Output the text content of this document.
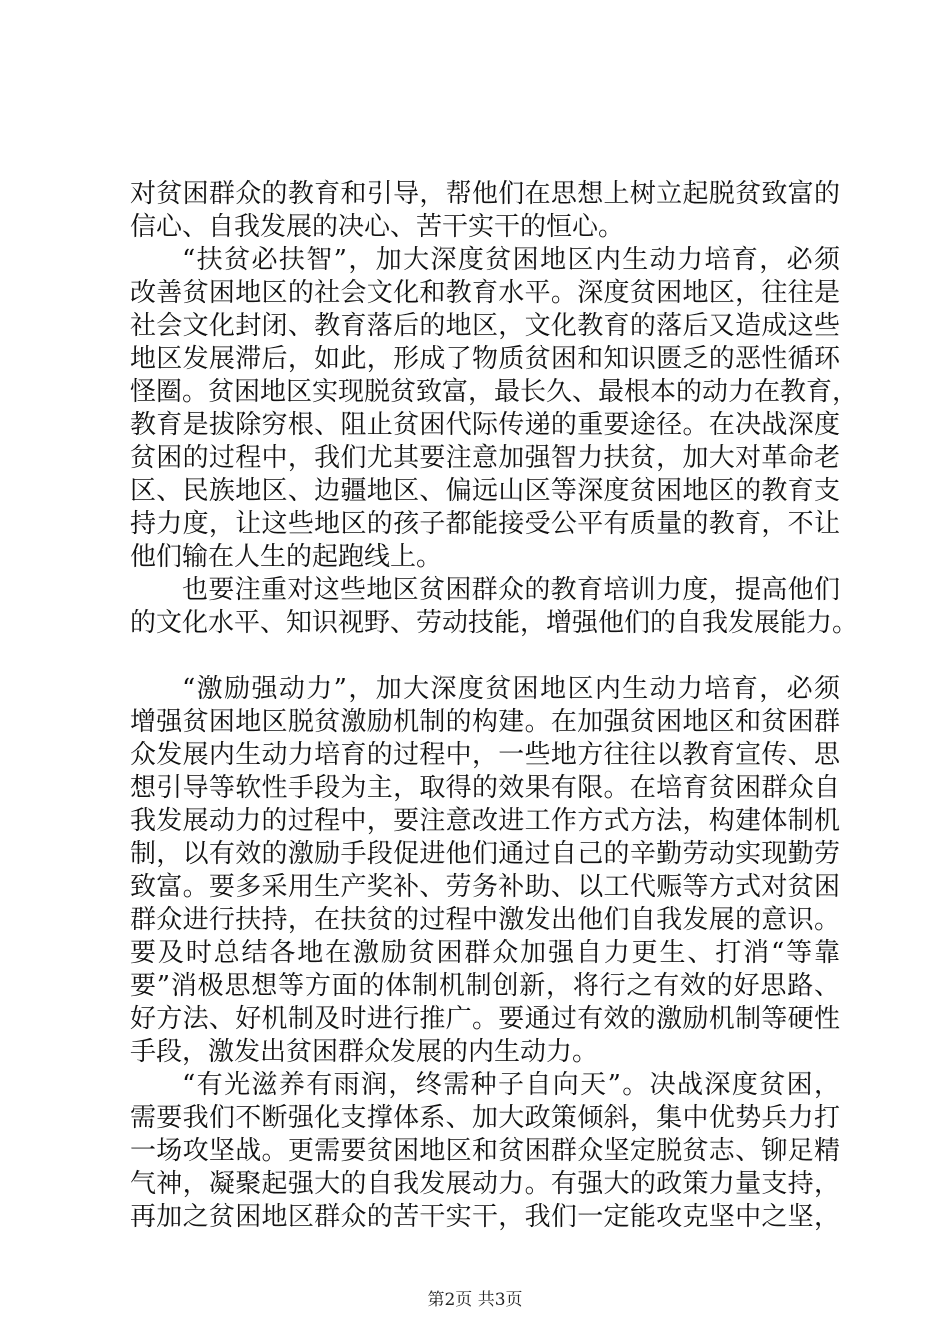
对贫困群众的教育和引导，帮他们在思想上树立起脱贫致富的
信心、自我发展的决心、苦干实干的恒心。
“扶贫必扶智”，加大深度贫困地区内生动力培育，必须
改善贫困地区的社会文化和教育水平。深度贫困地区，往往是
社会文化封闭、教育落后的地区，文化教育的落后又造成这些
地区发展滞后，如此，形成了物质贫困和知识匮乏的恶性循环
怪圈。贫困地区实现脱贫致富，最长久、最根本的动力在教育，
教育是拔除穷根、阻止贫困代际传递的重要途径。在决战深度
贫困的过程中，我们尤其要注意加强智力扶贫，加大对革命老
区、民族地区、边疆地区、偏远山区等深度贫困地区的教育支
持力度，让这些地区的孩子都能接受公平有质量的教育，不让
他们输在人生的起跑线上。
也要注重对这些地区贫困群众的教育培训力度，提高他们
的文化水平、知识视野、劳动技能，增强他们的自我发展能力。
“激励强动力”，加大深度贫困地区内生动力培育，必须
增强贫困地区脱贫激励机制的构建。在加强贫困地区和贫困群
众发展内生动力培育的过程中，一些地方往往以教育宣传、思
想引导等软性手段为主，取得的效果有限。在培育贫困群众自
我发展动力的过程中，要注意改进工作方式方法，构建体制机
制，以有效的激励手段促进他们通过自己的辛勤劳动实现勤劳
致富。要多采用生产奖补、劳务补助、以工代赈等方式对贫困
群众进行扶持，在扶贫的过程中激发出他们自我发展的意识。
要及时总结各地在激励贫困群众加强自力更生、打消“等靠
要”消极思想等方面的体制机制创新，将行之有效的好思路、
好方法、好机制及时进行推广。要通过有效的激励机制等硬性
手段，激发出贫困群众发展的内生动力。
“有光滋养有雨润，终需种子自向天”。决战深度贫困，
需要我们不断强化支撑体系、加大政策倾斜，集中优势兵力打
一场攻坚战。更需要贫困地区和贫困群众坚定脱贫志、铆足精
气神，凝聚起强大的自我发展动力。有强大的政策力量支持，
再加之贫困地区群众的苦干实干，我们一定能攻克坚中之坚，
第2页 共3页
